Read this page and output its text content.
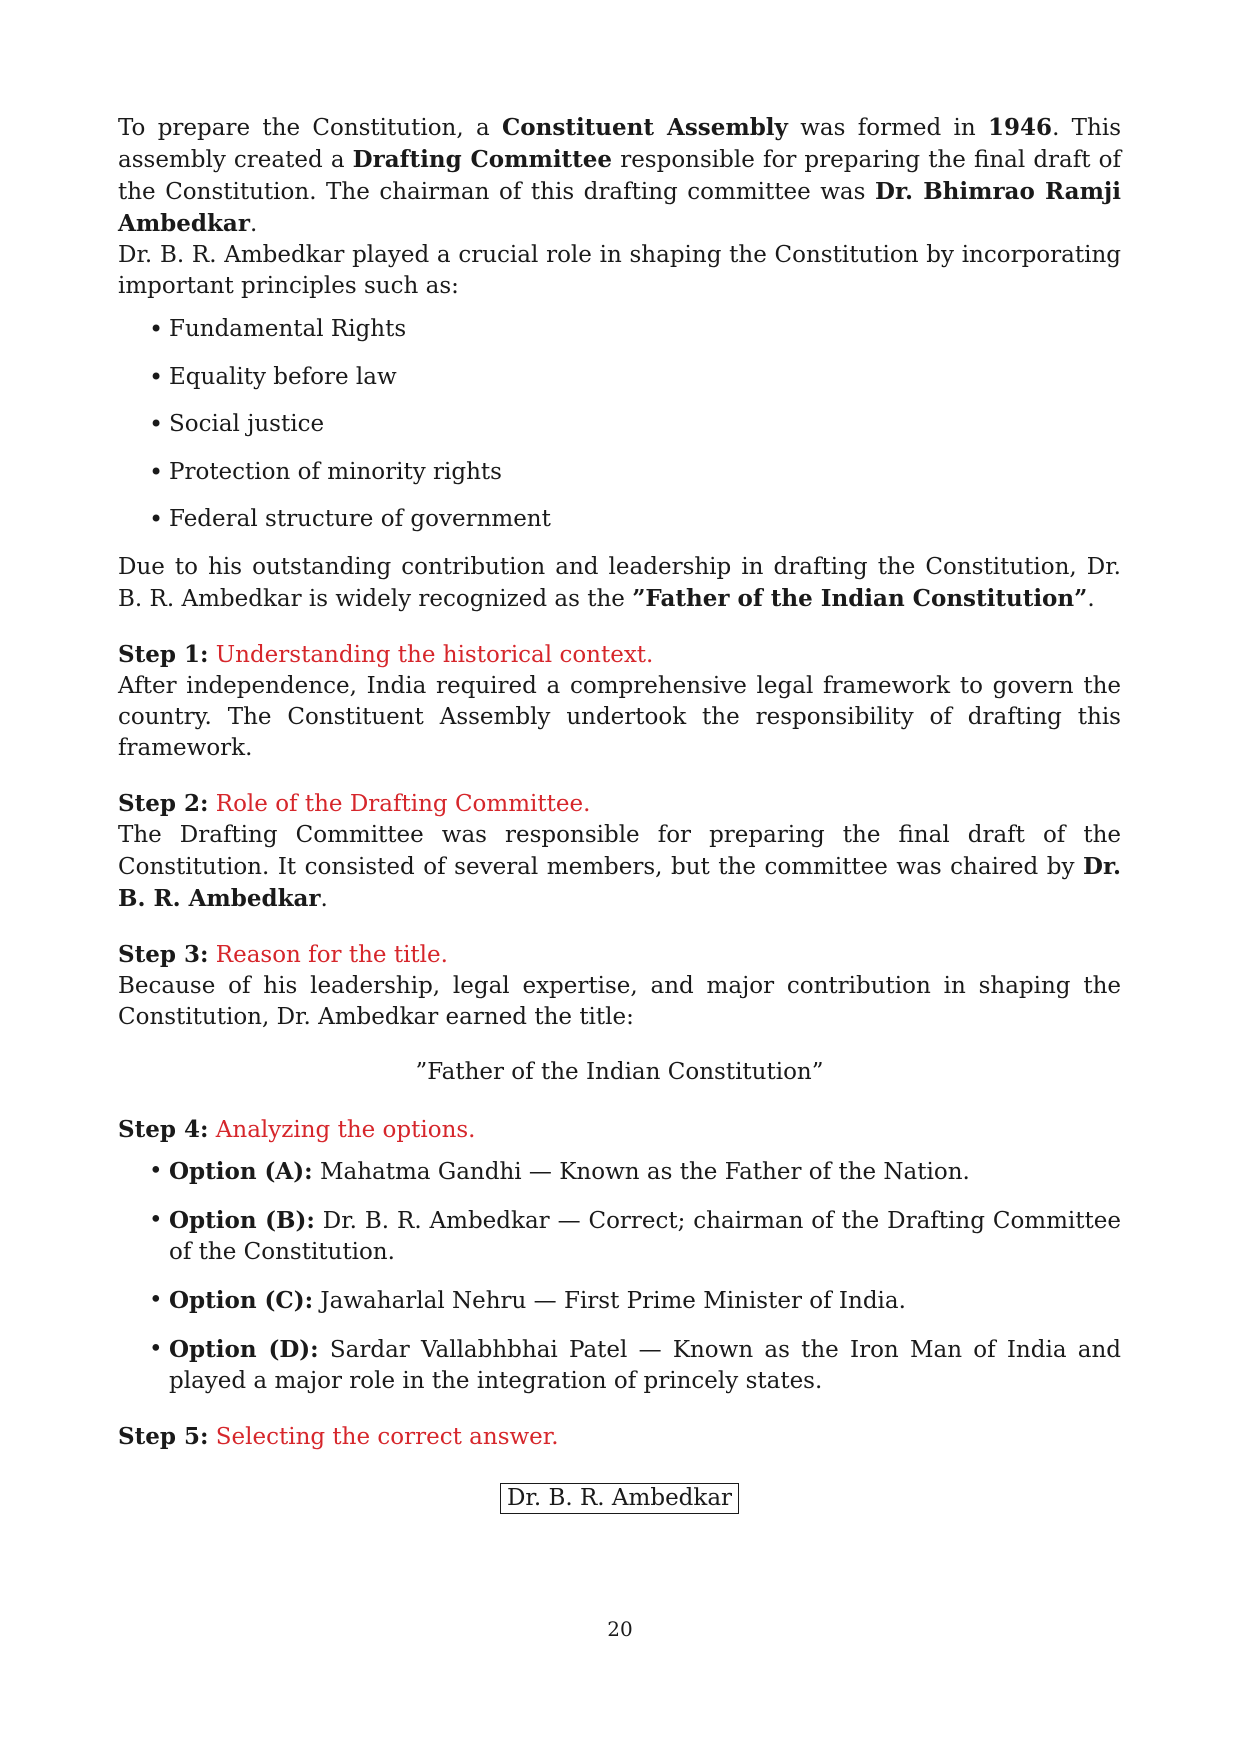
To prepare the Constitution, a Constituent Assembly was formed in 1946. This assembly created a Drafting Committee responsible for preparing the final draft of the Constitution. The chairman of this drafting committee was Dr. Bhimrao Ramji Ambedkar.

Dr. B. R. Ambedkar played a crucial role in shaping the Constitution by incorporating important principles such as:

• Fundamental Rights
• Equality before law
• Social justice
• Protection of minority rights
• Federal structure of government

Due to his outstanding contribution and leadership in drafting the Constitution, Dr. B. R. Ambedkar is widely recognized as the ”Father of the Indian Constitution”.

Step 1: Understanding the historical context.

After independence, India required a comprehensive legal framework to govern the country. The Constituent Assembly undertook the responsibility of drafting this framework.

Step 2: Role of the Drafting Committee.

The Drafting Committee was responsible for preparing the final draft of the Constitution. It consisted of several members, but the committee was chaired by Dr. B. R. Ambedkar.

Step 3: Reason for the title.

Because of his leadership, legal expertise, and major contribution in shaping the Constitution, Dr. Ambedkar earned the title:

”Father of the Indian Constitution”

Step 4: Analyzing the options.

• Option (A): Mahatma Gandhi — Known as the Father of the Nation.
• Option (B): Dr. B. R. Ambedkar — Correct; chairman of the Drafting Committee of the Constitution.
• Option (C): Jawaharlal Nehru — First Prime Minister of India.
• Option (D): Sardar Vallabhbhai Patel — Known as the Iron Man of India and played a major role in the integration of princely states.

Step 5: Selecting the correct answer.

Dr. B. R. Ambedkar
20
